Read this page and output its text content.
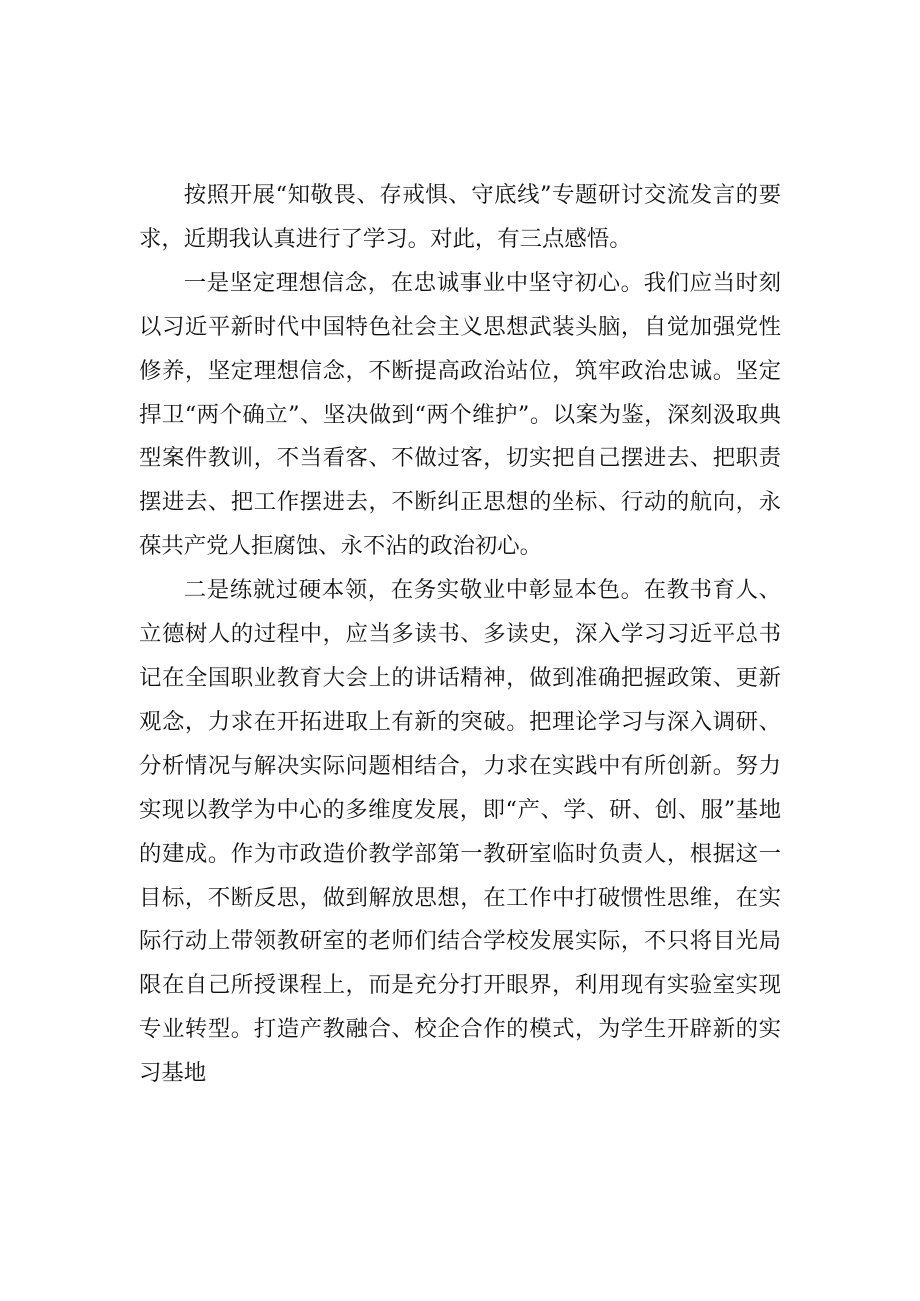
按照开展“知敬畏、存戒惧、守底线”专题研讨交流发言的要求，近期我认真进行了学习。对此，有三点感悟。

一是坚定理想信念，在忠诚事业中坚守初心。我们应当时刻以习近平新时代中国特色社会主义思想武装头脑，自觉加强党性修养，坚定理想信念，不断提高政治站位，筑牢政治忠诚。坚定捍卫“两个确立”、坚决做到“两个维护”。以案为鉴，深刻汲取典型案件教训，不当看客、不做过客，切实把自己摆进去、把职责摆进去、把工作摆进去，不断纠正思想的坐标、行动的航向，永葆共产党人拒腐蚀、永不沾的政治初心。

二是练就过硬本领，在务实敬业中彰显本色。在教书育人、立德树人的过程中，应当多读书、多读史，深入学习习近平总书记在全国职业教育大会上的讲话精神，做到准确把握政策、更新观念，力求在开拓进取上有新的突破。把理论学习与深入调研、分析情况与解决实际问题相结合，力求在实践中有所创新。努力实现以教学为中心的多维度发展，即“产、学、研、创、服”基地的建成。作为市政造价教学部第一教研室临时负责人，根据这一目标，不断反思，做到解放思想，在工作中打破惯性思维，在实际行动上带领教研室的老师们结合学校发展实际，不只将目光局限在自己所授课程上，而是充分打开眼界，利用现有实验室实现专业转型。打造产教融合、校企合作的模式，为学生开辟新的实习基地
